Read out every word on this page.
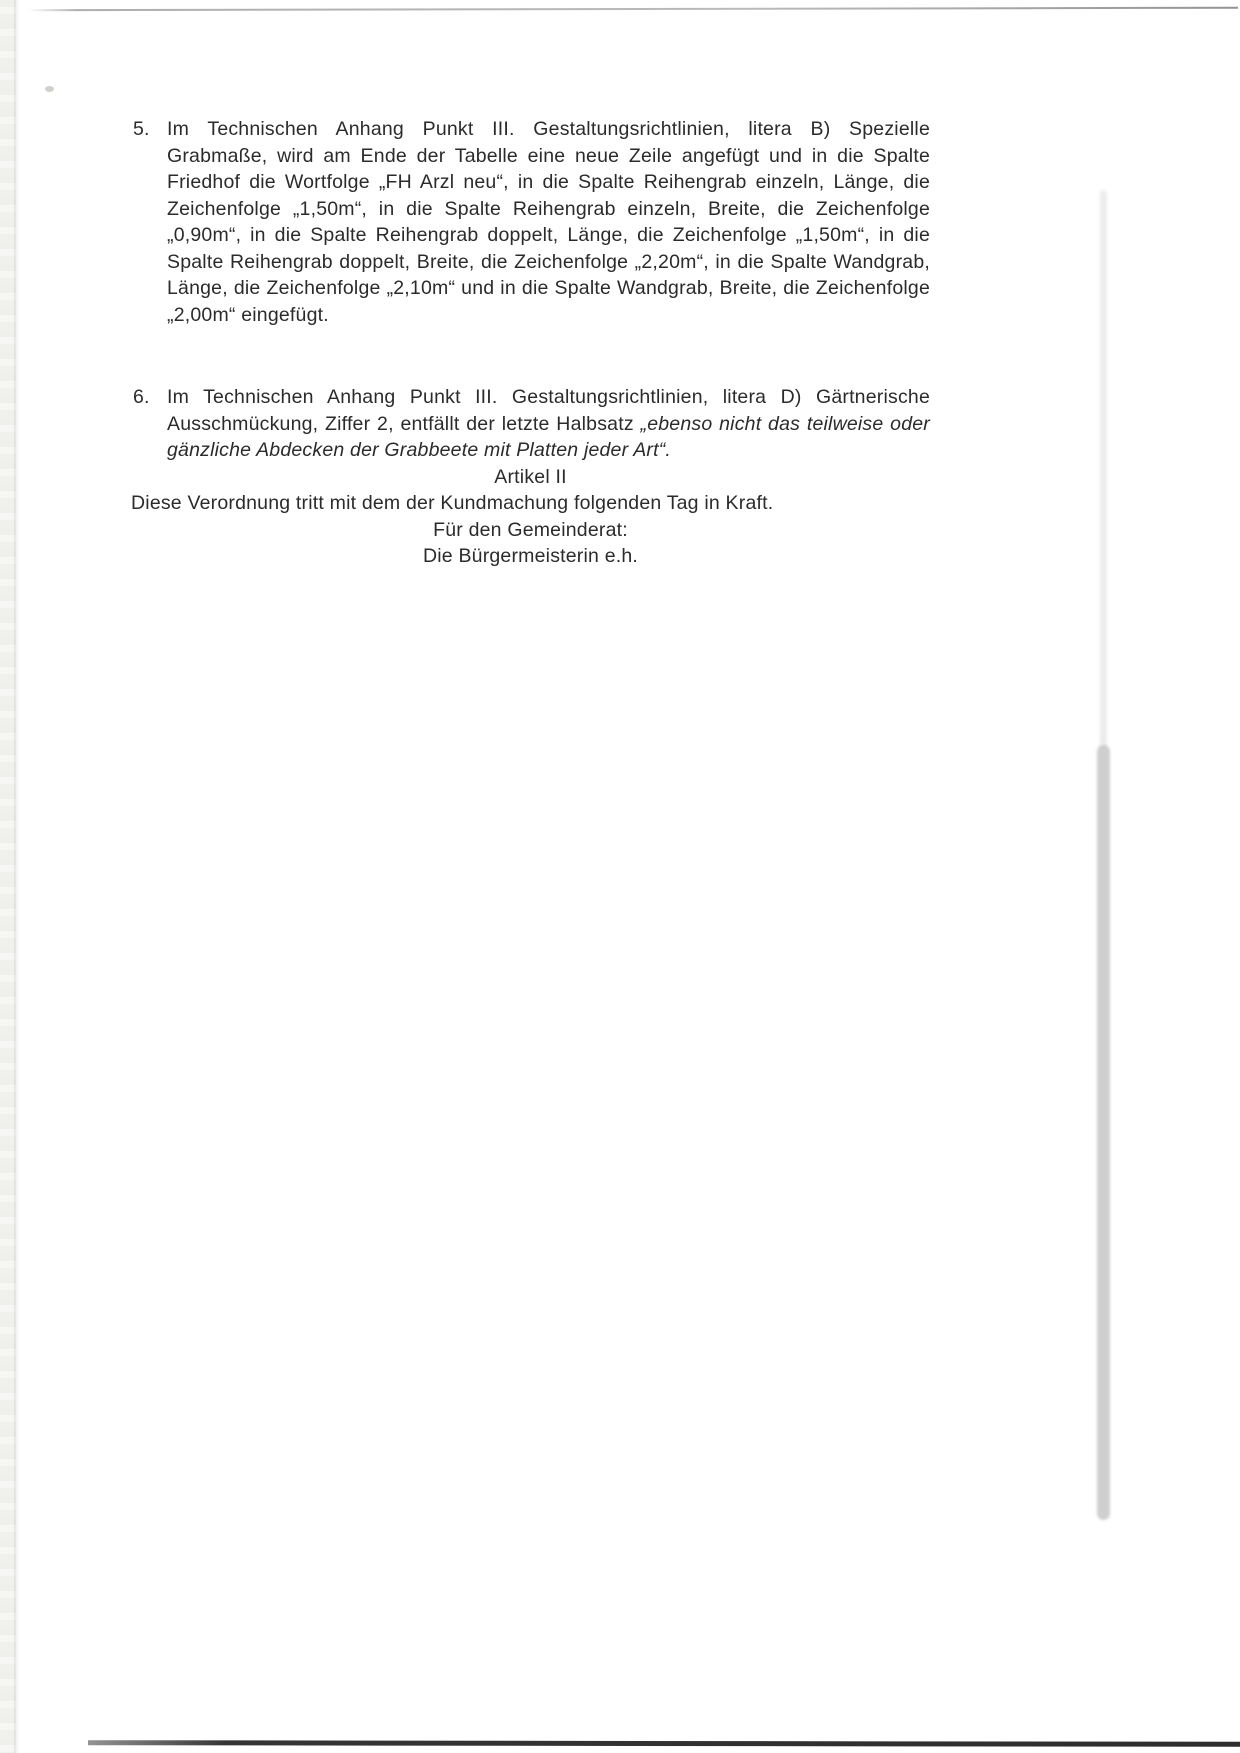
5. Im Technischen Anhang Punkt III. Gestaltungsrichtlinien, litera B) Spezielle Grabmaße, wird am Ende der Tabelle eine neue Zeile angefügt und in die Spalte Friedhof die Wortfolge „FH Arzl neu“, in die Spalte Reihengrab einzeln, Länge, die Zeichenfolge „1,50m“, in die Spalte Reihengrab einzeln, Breite, die Zeichenfolge „0,90m“, in die Spalte Reihengrab doppelt, Länge, die Zeichenfolge „1,50m“, in die Spalte Reihengrab doppelt, Breite, die Zeichenfolge „2,20m“, in die Spalte Wandgrab, Länge, die Zeichenfolge „2,10m“ und in die Spalte Wandgrab, Breite, die Zeichenfolge „2,00m“ eingefügt.

6. Im Technischen Anhang Punkt III. Gestaltungsrichtlinien, litera D) Gärtnerische Ausschmückung, Ziffer 2, entfällt der letzte Halbsatz „ebenso nicht das teilweise oder gänzliche Abdecken der Grabbeete mit Platten jeder Art“.

Artikel II

Diese Verordnung tritt mit dem der Kundmachung folgenden Tag in Kraft.

Für den Gemeinderat:

Die Bürgermeisterin e.h.
